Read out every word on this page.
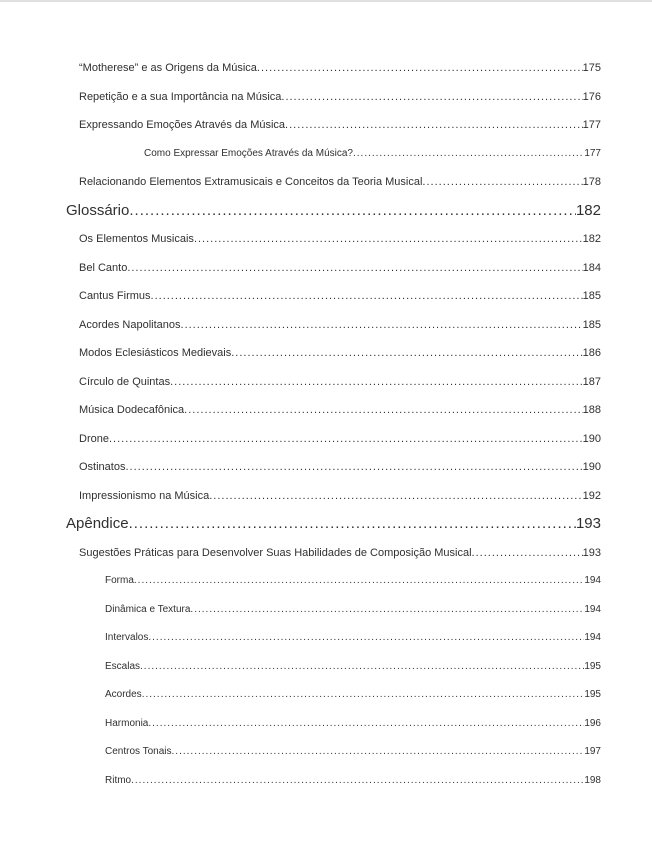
“Motherese” e as Origens da Música .....	175
Repetição e a sua Importância na Música .....	176
Expressando Emoções Através da Música .....	177
Como Expressar Emoções Através da Música? .....	177
Relacionando Elementos Extramusicais e Conceitos da Teoria Musical .....	178
Glossário .....	182
Os Elementos Musicais .....	182
Bel Canto .....	184
Cantus Firmus .....	185
Acordes Napolitanos .....	185
Modos Eclesiásticos Medievais .....	186
Círculo de Quintas .....	187
Música Dodecafônica .....	188
Drone .....	190
Ostinatos .....	190
Impressionismo na Música .....	192
Apêndice .....	193
Sugestões Práticas para Desenvolver Suas Habilidades de Composição Musical .....	193
Forma .....	194
Dinâmica e Textura .....	194
Intervalos .....	194
Escalas .....	195
Acordes .....	195
Harmonia .....	196
Centros Tonais .....	197
Ritmo .....	198
